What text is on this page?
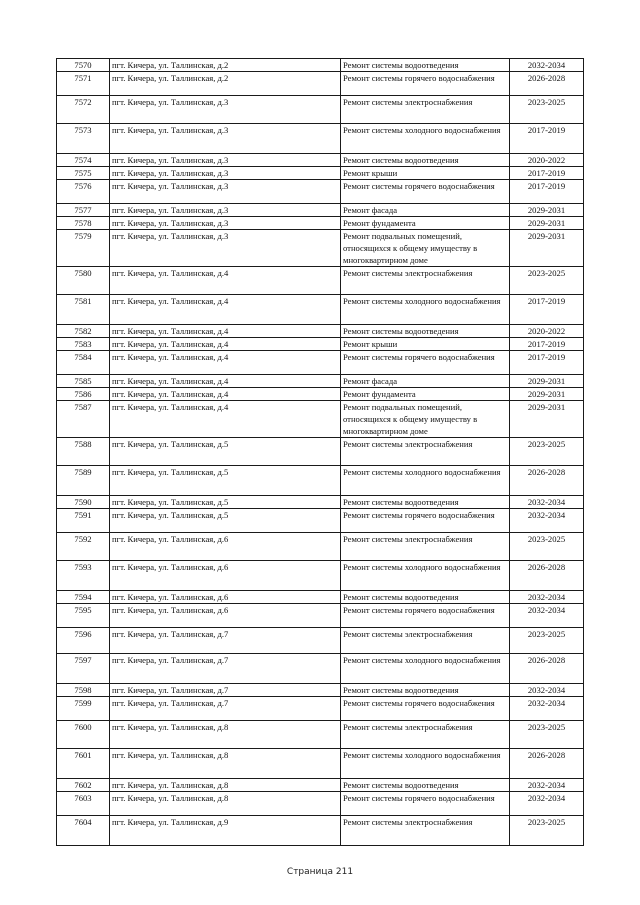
7570	пгт. Кичера, ул. Таллинская, д.2	Ремонт системы водоотведения	2032-2034
7571	пгт. Кичера, ул. Таллинская, д.2	Ремонт системы горячего водоснабжения	2026-2028
7572	пгт. Кичера, ул. Таллинская, д.3	Ремонт системы электроснабжения	2023-2025
7573	пгт. Кичера, ул. Таллинская, д.3	Ремонт системы холодного водоснабжения	2017-2019
7574	пгт. Кичера, ул. Таллинская, д.3	Ремонт системы водоотведения	2020-2022
7575	пгт. Кичера, ул. Таллинская, д.3	Ремонт крыши	2017-2019
7576	пгт. Кичера, ул. Таллинская, д.3	Ремонт системы горячего водоснабжения	2017-2019
7577	пгт. Кичера, ул. Таллинская, д.3	Ремонт фасада	2029-2031
7578	пгт. Кичера, ул. Таллинская, д.3	Ремонт фундамента	2029-2031
7579	пгт. Кичера, ул. Таллинская, д.3	Ремонт подвальных помещений, относящихся к общему имуществу в многоквартирном доме	2029-2031
7580	пгт. Кичера, ул. Таллинская, д.4	Ремонт системы электроснабжения	2023-2025
7581	пгт. Кичера, ул. Таллинская, д.4	Ремонт системы холодного водоснабжения	2017-2019
7582	пгт. Кичера, ул. Таллинская, д.4	Ремонт системы водоотведения	2020-2022
7583	пгт. Кичера, ул. Таллинская, д.4	Ремонт крыши	2017-2019
7584	пгт. Кичера, ул. Таллинская, д.4	Ремонт системы горячего водоснабжения	2017-2019
7585	пгт. Кичера, ул. Таллинская, д.4	Ремонт фасада	2029-2031
7586	пгт. Кичера, ул. Таллинская, д.4	Ремонт фундамента	2029-2031
7587	пгт. Кичера, ул. Таллинская, д.4	Ремонт подвальных помещений, относящихся к общему имуществу в многоквартирном доме	2029-2031
7588	пгт. Кичера, ул. Таллинская, д.5	Ремонт системы электроснабжения	2023-2025
7589	пгт. Кичера, ул. Таллинская, д.5	Ремонт системы холодного водоснабжения	2026-2028
7590	пгт. Кичера, ул. Таллинская, д.5	Ремонт системы водоотведения	2032-2034
7591	пгт. Кичера, ул. Таллинская, д.5	Ремонт системы горячего водоснабжения	2032-2034
7592	пгт. Кичера, ул. Таллинская, д.6	Ремонт системы электроснабжения	2023-2025
7593	пгт. Кичера, ул. Таллинская, д.6	Ремонт системы холодного водоснабжения	2026-2028
7594	пгт. Кичера, ул. Таллинская, д.6	Ремонт системы водоотведения	2032-2034
7595	пгт. Кичера, ул. Таллинская, д.6	Ремонт системы горячего водоснабжения	2032-2034
7596	пгт. Кичера, ул. Таллинская, д.7	Ремонт системы электроснабжения	2023-2025
7597	пгт. Кичера, ул. Таллинская, д.7	Ремонт системы холодного водоснабжения	2026-2028
7598	пгт. Кичера, ул. Таллинская, д.7	Ремонт системы водоотведения	2032-2034
7599	пгт. Кичера, ул. Таллинская, д.7	Ремонт системы горячего водоснабжения	2032-2034
7600	пгт. Кичера, ул. Таллинская, д.8	Ремонт системы электроснабжения	2023-2025
7601	пгт. Кичера, ул. Таллинская, д.8	Ремонт системы холодного водоснабжения	2026-2028
7602	пгт. Кичера, ул. Таллинская, д.8	Ремонт системы водоотведения	2032-2034
7603	пгт. Кичера, ул. Таллинская, д.8	Ремонт системы горячего водоснабжения	2032-2034
7604	пгт. Кичера, ул. Таллинская, д.9	Ремонт системы электроснабжения	2023-2025
Страница 211
